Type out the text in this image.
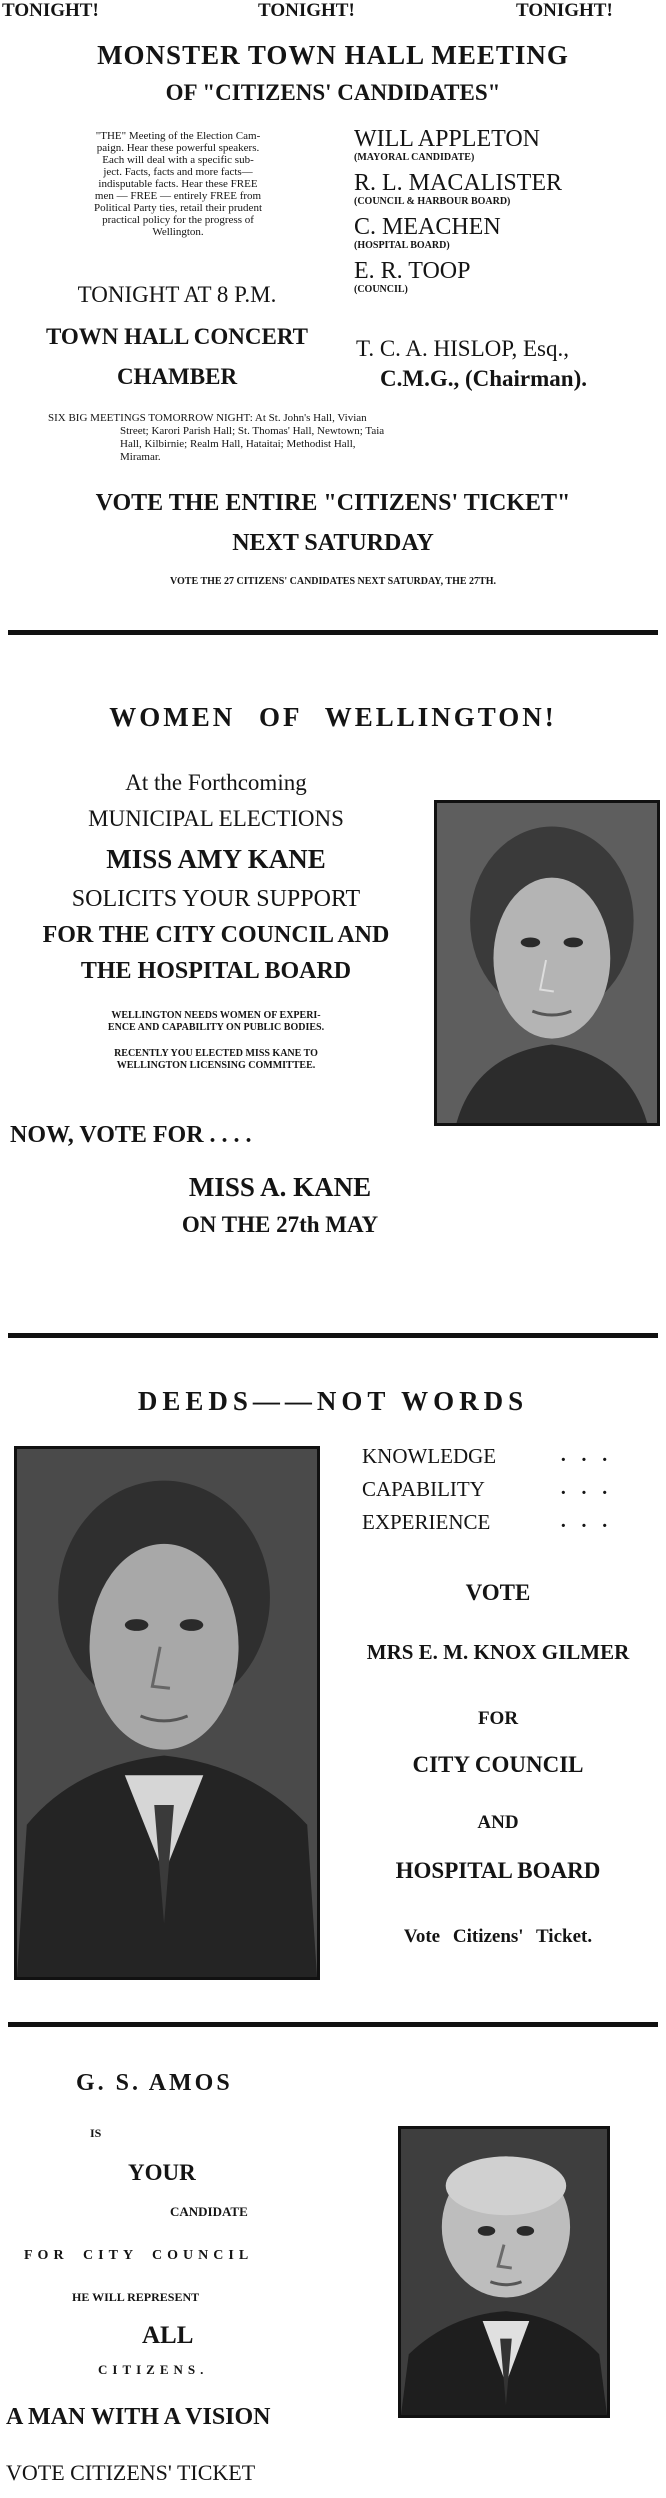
TONIGHT!	TONIGHT!	TONIGHT!
MONSTER TOWN HALL MEETING
OF "CITIZENS' CANDIDATES"
"THE" Meeting of the Election Cam-
paign. Hear these powerful speakers.
Each will deal with a specific sub-
ject. Facts, facts and more facts—
indisputable facts. Hear these FREE
men — FREE — entirely FREE from
Political Party ties, retail their prudent
practical policy for the progress of
Wellington.
TONIGHT AT 8 P.M.
TOWN HALL CONCERT
CHAMBER
WILL APPLETON
(MAYORAL CANDIDATE)
R. L. MACALISTER
(COUNCIL & HARBOUR BOARD)
C. MEACHEN
(HOSPITAL BOARD)
E. R. TOOP
(COUNCIL)
T. C. A. HISLOP, Esq.,
C.M.G., (Chairman).
SIX BIG MEETINGS TOMORROW NIGHT: At St. John's Hall, Vivian
Street; Karori Parish Hall; St. Thomas' Hall, Newtown; Taia
Hall, Kilbirnie; Realm Hall, Hataitai; Methodist Hall,
Miramar.
VOTE THE ENTIRE "CITIZENS' TICKET"
NEXT SATURDAY
VOTE THE 27 CITIZENS' CANDIDATES NEXT SATURDAY, THE 27TH.
WOMEN OF WELLINGTON!
At the Forthcoming
MUNICIPAL ELECTIONS
MISS AMY KANE
SOLICITS YOUR SUPPORT
FOR THE CITY COUNCIL AND
THE HOSPITAL BOARD
WELLINGTON NEEDS WOMEN OF EXPERI-
ENCE AND CAPABILITY ON PUBLIC BODIES.
RECENTLY YOU ELECTED MISS KANE TO
WELLINGTON LICENSING COMMITTEE.
NOW, VOTE FOR . . . .
MISS A. KANE
ON THE 27th MAY
DEEDS——NOT WORDS
KNOWLEDGE
CAPABILITY
EXPERIENCE
···
···
···
VOTE
MRS E. M. KNOX GILMER
FOR
CITY COUNCIL
AND
HOSPITAL BOARD
Vote Citizens' Ticket.
G. S. AMOS
IS
YOUR
CANDIDATE
FOR CITY COUNCIL
HE WILL REPRESENT
ALL
CITIZENS.
A MAN WITH A VISION
VOTE CITIZENS' TICKET
